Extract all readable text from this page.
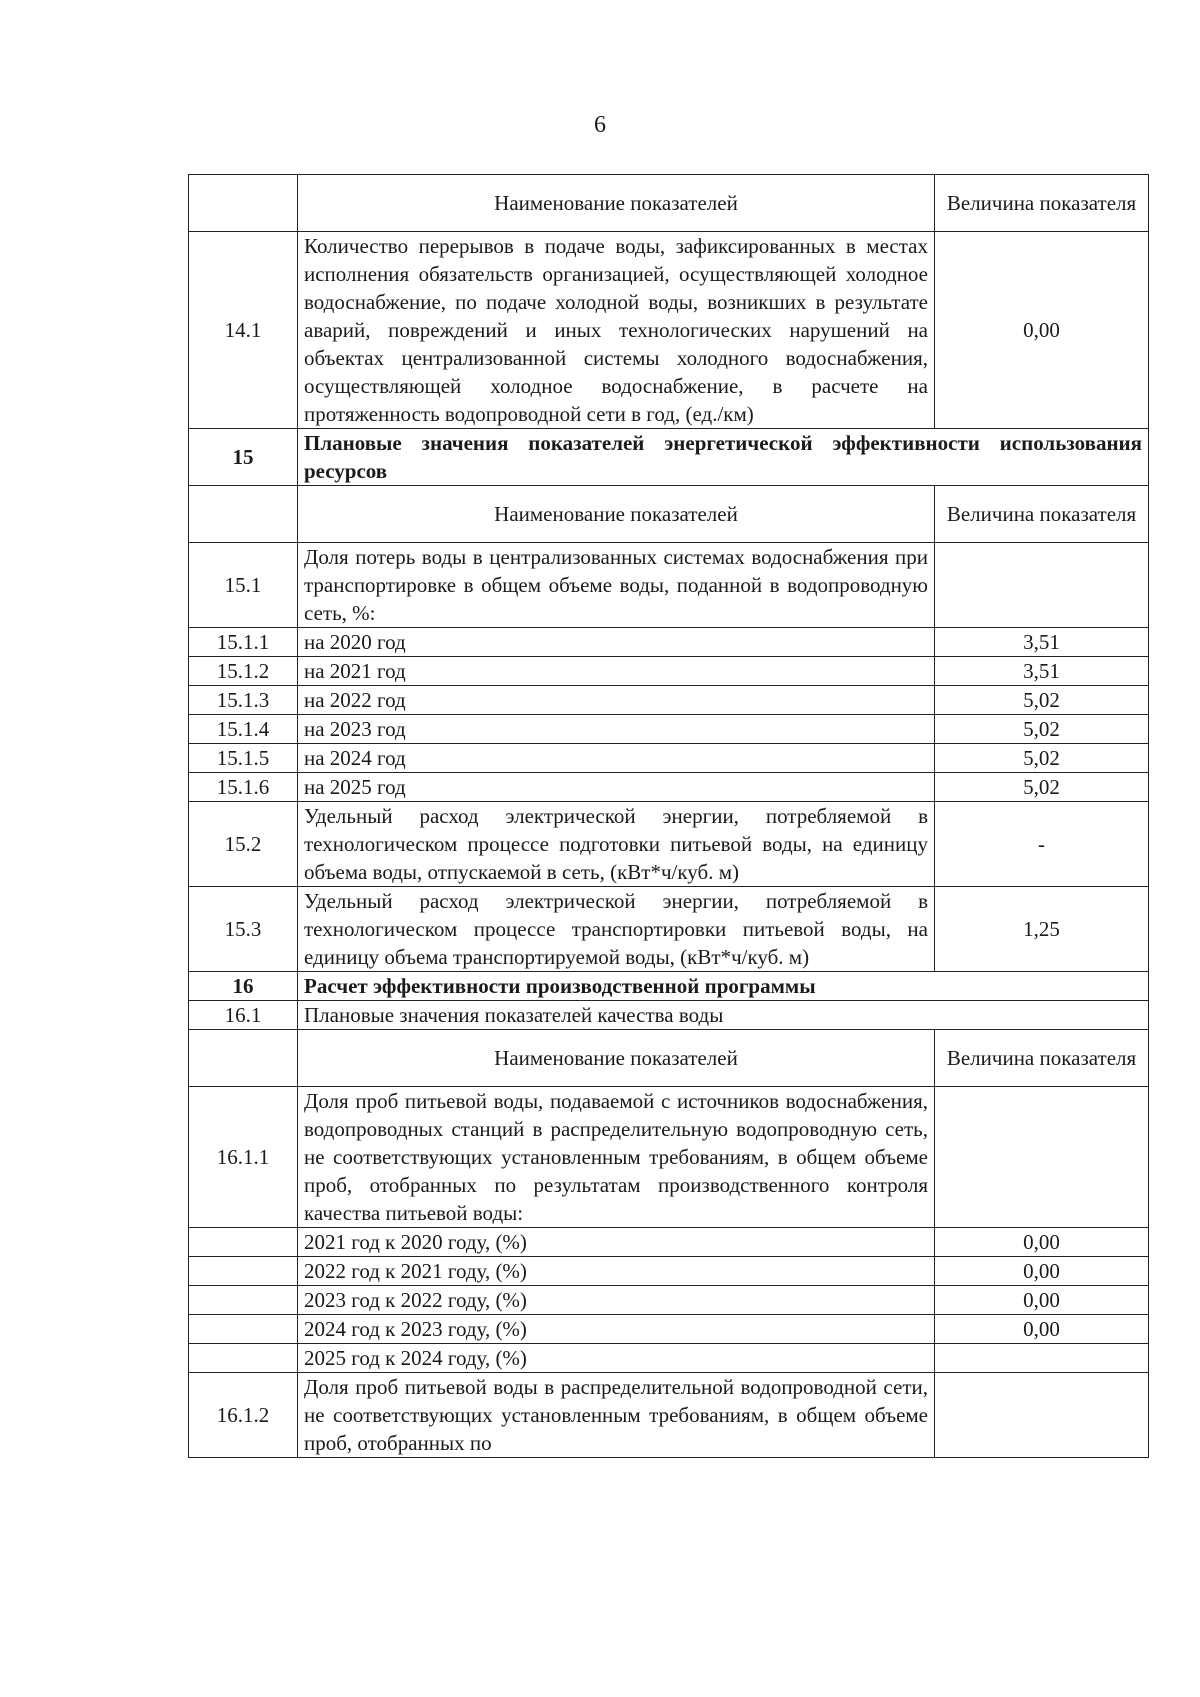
6
	Наименование показателей	Величина показателя
14.1	Количество перерывов в подаче воды, зафиксированных в местах исполнения обязательств организацией, осуществляющей холодное водоснабжение, по подаче холодной воды, возникших в результате аварий, повреждений и иных технологических нарушений на объектах централизованной системы холодного водоснабжения, осуществляющей холодное водоснабжение, в расчете на протяженность водопроводной сети в год, (ед./км)	0,00
15	Плановые значения показателей энергетической эффективности использования ресурсов	
	Наименование показателей	Величина показателя
15.1	Доля потерь воды в централизованных системах водоснабжения при транспортировке в общем объеме воды, поданной в водопроводную сеть, %:	
15.1.1	на 2020 год	3,51
15.1.2	на 2021 год	3,51
15.1.3	на 2022 год	5,02
15.1.4	на 2023 год	5,02
15.1.5	на 2024 год	5,02
15.1.6	на 2025 год	5,02
15.2	Удельный расход электрической энергии, потребляемой в технологическом процессе подготовки питьевой воды, на единицу объема воды, отпускаемой в сеть, (кВт*ч/куб. м)	-
15.3	Удельный расход электрической энергии, потребляемой в технологическом процессе транспортировки питьевой воды, на единицу объема транспортируемой воды, (кВт*ч/куб. м)	1,25
16	Расчет эффективности производственной программы	
16.1	Плановые значения показателей качества воды	
	Наименование показателей	Величина показателя
16.1.1	Доля проб питьевой воды, подаваемой с источников водоснабжения, водопроводных станций в распределительную водопроводную сеть, не соответствующих установленным требованиям, в общем объеме проб, отобранных по результатам производственного контроля качества питьевой воды:	
	2021 год к 2020 году, (%)	0,00
	2022 год к 2021 году, (%)	0,00
	2023 год к 2022 году, (%)	0,00
	2024 год к 2023 году, (%)	0,00
	2025 год к 2024 году, (%)	
16.1.2	Доля проб питьевой воды в распределительной водопроводной сети, не соответствующих установленным требованиям, в общем объеме проб, отобранных по	
